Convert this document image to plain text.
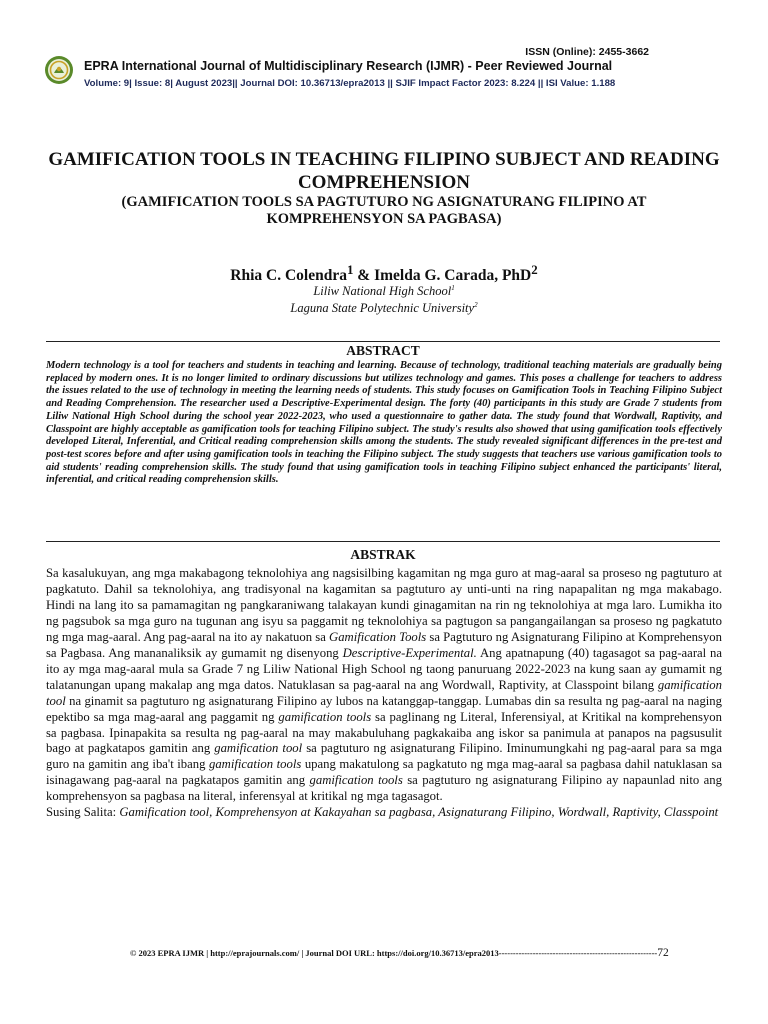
ISSN (Online): 2455-3662
EPRA International Journal of Multidisciplinary Research (IJMR) - Peer Reviewed Journal
Volume: 9| Issue: 8| August 2023|| Journal DOI: 10.36713/epra2013 || SJIF Impact Factor 2023: 8.224 || ISI Value: 1.188
GAMIFICATION TOOLS IN TEACHING FILIPINO SUBJECT AND READING COMPREHENSION
(GAMIFICATION TOOLS SA PAGTUTURO NG ASIGNATURANG FILIPINO AT KOMPREHENSYON SA PAGBASA)
Rhia C. Colendra$^1$ & Imelda G. Carada, PhD$^2$
Liliw National High School$^1$
Laguna State Polytechnic University$^2$
ABSTRACT
Modern technology is a tool for teachers and students in teaching and learning. Because of technology, traditional teaching materials are gradually being replaced by modern ones. It is no longer limited to ordinary discussions but utilizes technology and games. This poses a challenge for teachers to address the issues related to the use of technology in meeting the learning needs of students. This study focuses on Gamification Tools in Teaching Filipino Subject and Reading Comprehension. The researcher used a Descriptive-Experimental design. The forty (40) participants in this study are Grade 7 students from Liliw National High School during the school year 2022-2023, who used a questionnaire to gather data. The study found that Wordwall, Raptivity, and Classpoint are highly acceptable as gamification tools for teaching Filipino subject. The study's results also showed that using gamification tools effectively developed Literal, Inferential, and Critical reading comprehension skills among the students. The study revealed significant differences in the pre-test and post-test scores before and after using gamification tools in teaching the Filipino subject. The study suggests that teachers use various gamification tools to aid students' reading comprehension skills. The study found that using gamification tools in teaching Filipino subject enhanced the participants' literal, inferential, and critical reading comprehension skills.
ABSTRAK
Sa kasalukuyan, ang mga makabagong teknolohiya ang nagsisilbing kagamitan ng mga guro at mag-aaral sa proseso ng pagtuturo at pagkatuto. Dahil sa teknolohiya, ang tradisyonal na kagamitan sa pagtuturo ay unti-unti na ring napapalitan ng mga makabago. Hindi na lang ito sa pamamagitan ng pangkaraniwang talakayan kundi ginagamitan na rin ng teknolohiya at mga laro. Lumikha ito ng pagsubok sa mga guro na tugunan ang isyu sa paggamit ng teknolohiya sa pagtugon sa pangangailangan sa proseso ng pagkatuto ng mga mag-aaral. Ang pag-aaral na ito ay nakatuon sa Gamification Tools sa Pagtuturo ng Asignaturang Filipino at Komprehensyon sa Pagbasa. Ang mananaliksik ay gumamit ng disenyong Descriptive-Experimental. Ang apatnapung (40) tagasagot sa pag-aaral na ito ay mga mag-aaral mula sa Grade 7 ng Liliw National High School ng taong panuruang 2022-2023 na kung saan ay gumamit ng talatanungan upang makalap ang mga datos. Natuklasan sa pag-aaral na ang Wordwall, Raptivity, at Classpoint bilang gamification tool na ginamit sa pagtuturo ng asignaturang Filipino ay lubos na katanggap-tanggap. Lumabas din sa resulta ng pag-aaral na naging epektibo sa mga mag-aaral ang paggamit ng gamification tools sa paglinang ng Literal, Inferensiyal, at Kritikal na komprehensyon sa pagbasa. Ipinapakita sa resulta ng pag-aaral na may makabuluhang pagkakaiba ang iskor sa panimula at panapos na pagsusulit bago at pagkatapos gamitin ang gamification tool sa pagtuturo ng asignaturang Filipino. Iminumungkahi ng pag-aaral para sa mga guro na gamitin ang iba't ibang gamification tools upang makatulong sa pagkatuto ng mga mag-aaral sa pagbasa dahil natuklasan sa isinagawang pag-aaral na pagkatapos gamitin ang gamification tools sa pagtuturo ng asignaturang Filipino ay napaunlad nito ang komprehensyon sa pagbasa na literal, inferensyal at kritikal ng mga tagasagot.
Susing Salita: Gamification tool, Komprehensyon at Kakayahan sa pagbasa, Asignaturang Filipino, Wordwall, Raptivity, Classpoint
© 2023 EPRA IJMR | http://eprajournals.com/ | Journal DOI URL: https://doi.org/10.36713/epra2013--------------------------------------------------------72
